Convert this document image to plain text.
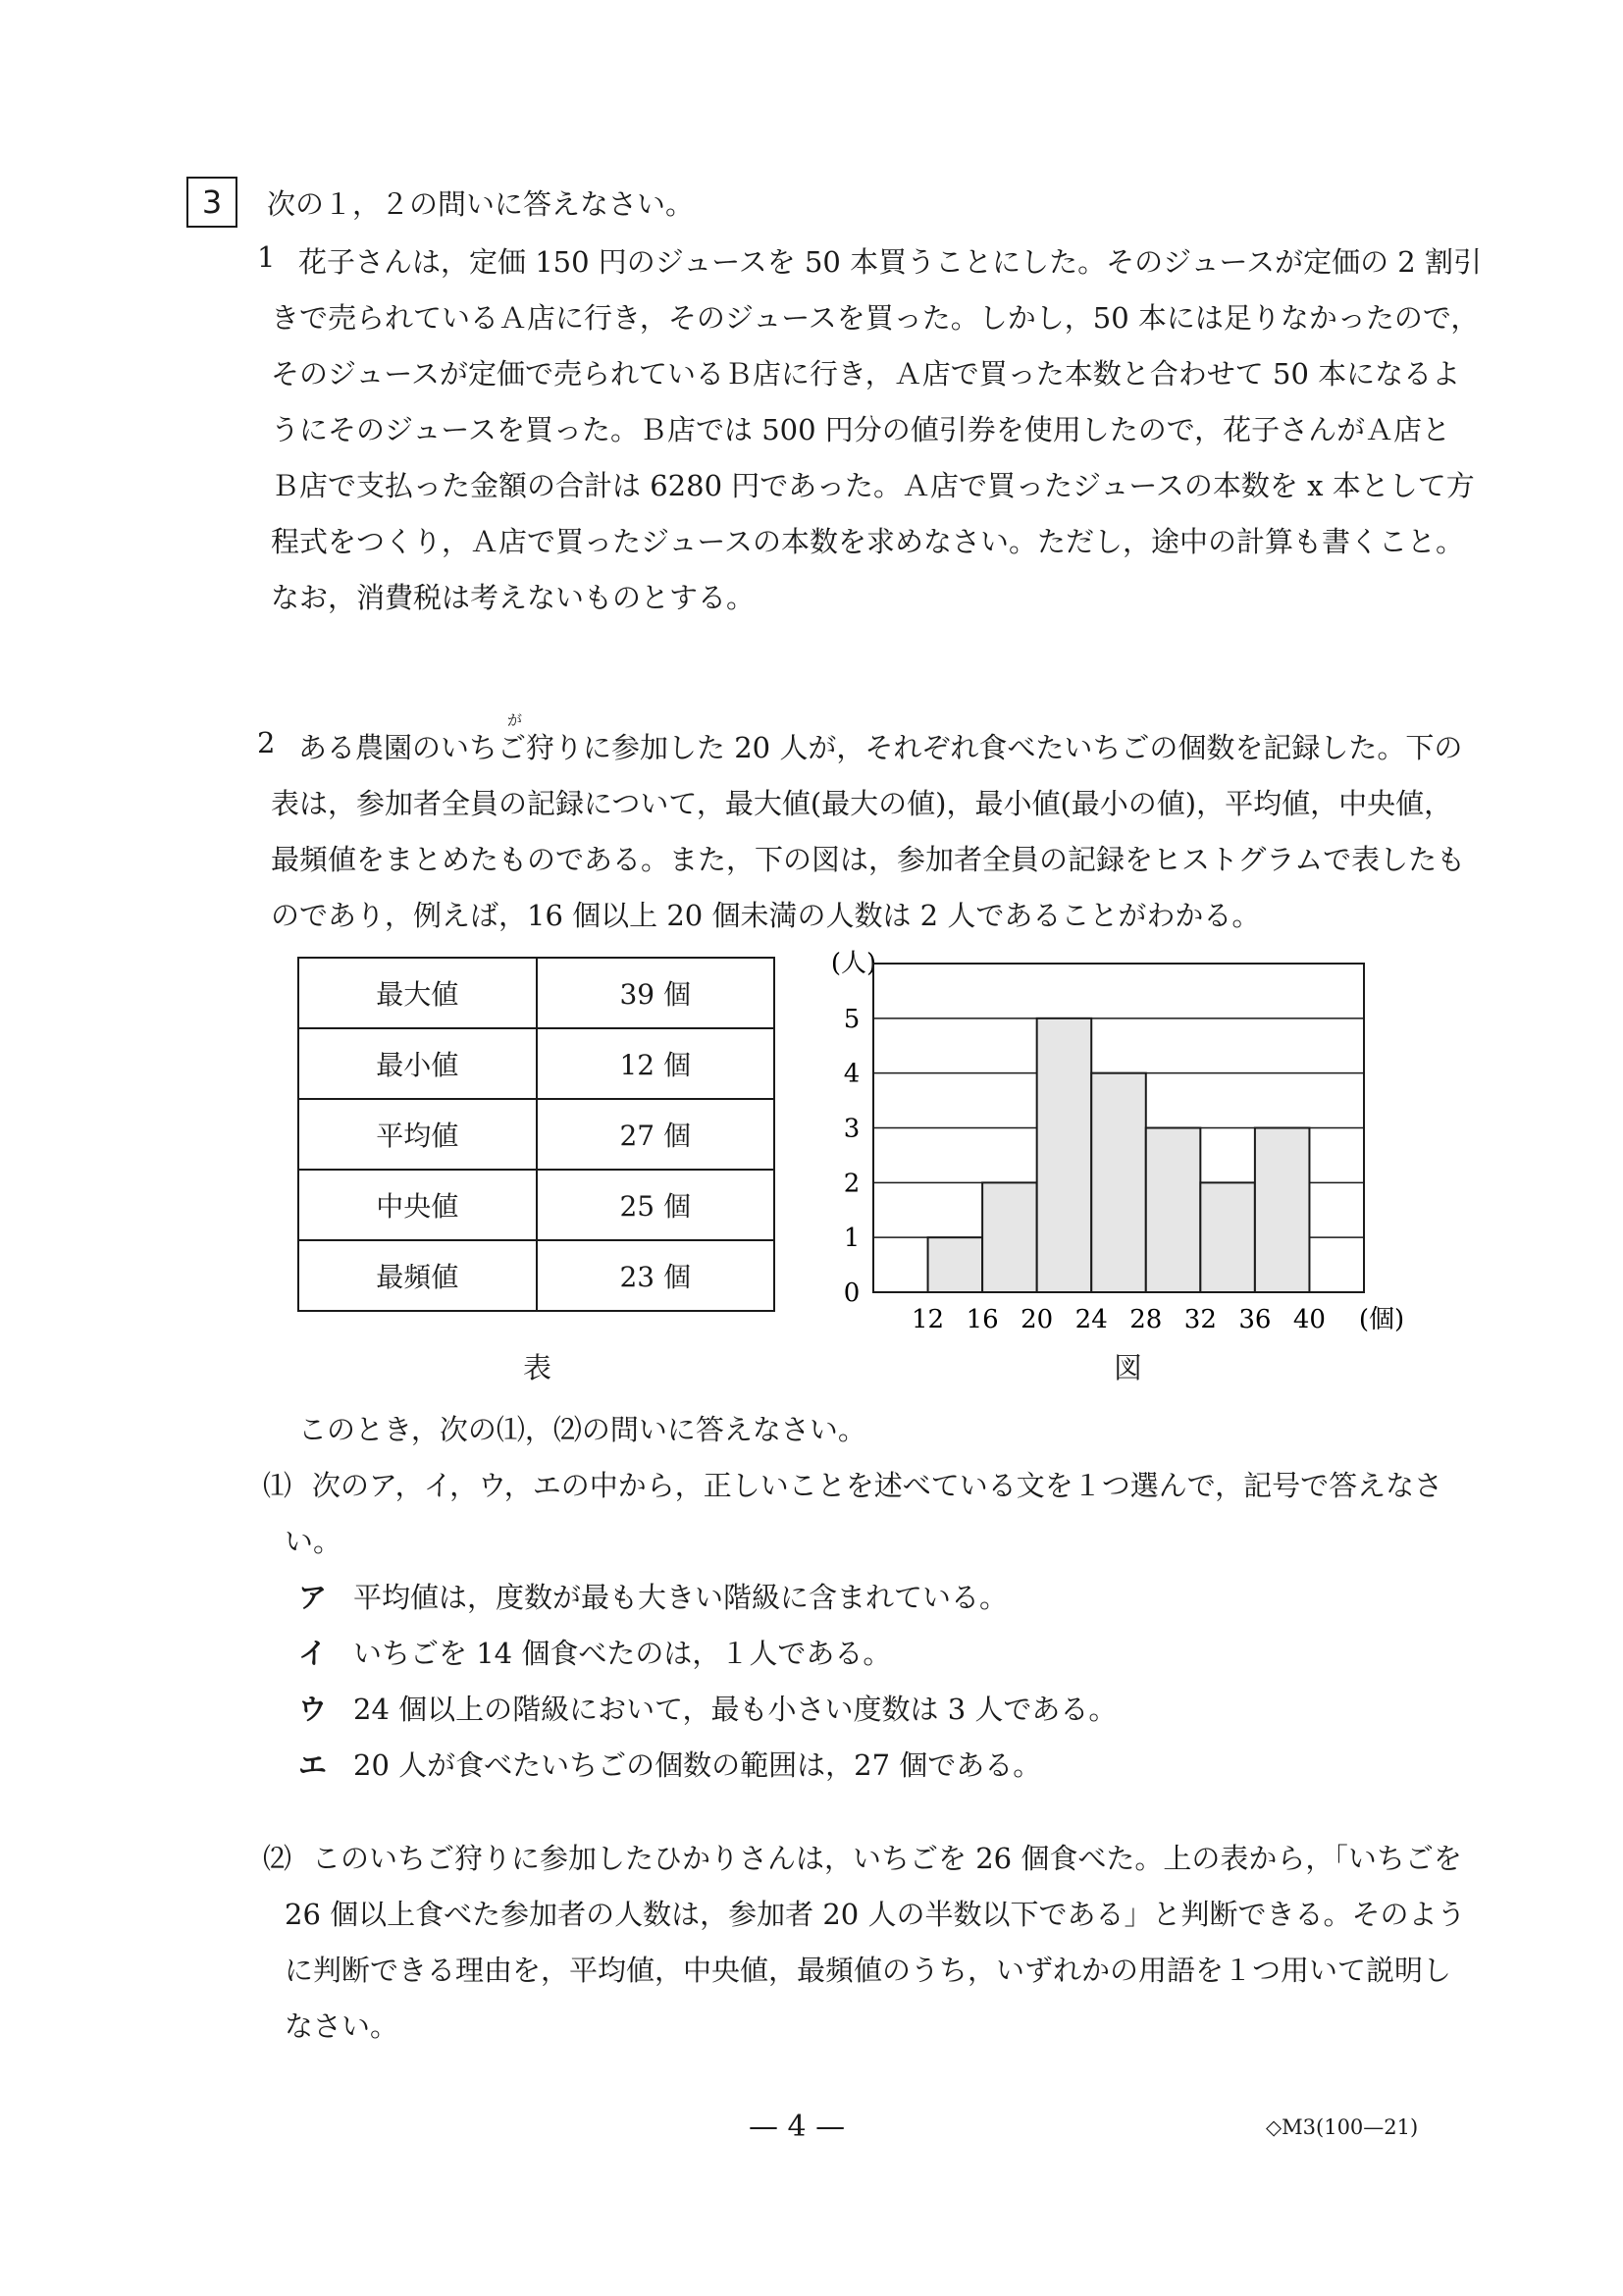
3	次の１，２の問いに答えなさい。
1 花子さんは，定価 150 円のジュースを 50 本買うことにした。そのジュースが定価の 2 割引
きで売られているＡ店に行き，そのジュースを買った。しかし，50 本には足りなかったので，
そのジュースが定価で売られているＢ店に行き，Ａ店で買った本数と合わせて 50 本になるよ
うにそのジュースを買った。Ｂ店では 500 円分の値引券を使用したので，花子さんがＡ店と
Ｂ店で支払った金額の合計は 6280 円であった。Ａ店で買ったジュースの本数を x 本として方
程式をつくり，Ａ店で買ったジュースの本数を求めなさい。ただし，途中の計算も書くこと。
なお，消費税は考えないものとする。
が
2 ある農園のいちご狩りに参加した 20 人が，それぞれ食べたいちごの個数を記録した。下の
表は，参加者全員の記録について，最大値(最大の値)，最小値(最小の値)，平均値，中央値，
最頻値をまとめたものである。また，下の図は，参加者全員の記録をヒストグラムで表したも
のであり，例えば，16 個以上 20 個未満の人数は 2 人であることがわかる。
最大値	39 個
最小値	12 個
平均値	27 個
中央値	25 個
最頻値	23 個
表
(人)
(個)
0
1
2
3
4
5
12 16 20 24 28 32 36 40
図
このとき，次の⑴，⑵の問いに答えなさい。
⑴ 次のア，イ，ウ，エの中から，正しいことを述べている文を１つ選んで，記号で答えなさ
い。
ア 平均値は，度数が最も大きい階級に含まれている。
イ いちごを 14 個食べたのは，１人である。
ウ 24 個以上の階級において，最も小さい度数は 3 人である。
エ 20 人が食べたいちごの個数の範囲は，27 個である。
⑵ このいちご狩りに参加したひかりさんは，いちごを 26 個食べた。上の表から，「いちごを
26 個以上食べた参加者の人数は，参加者 20 人の半数以下である」と判断できる。そのよう
に判断できる理由を，平均値，中央値，最頻値のうち，いずれかの用語を１つ用いて説明し
なさい。
— 4 —	◇M3(100—21)
